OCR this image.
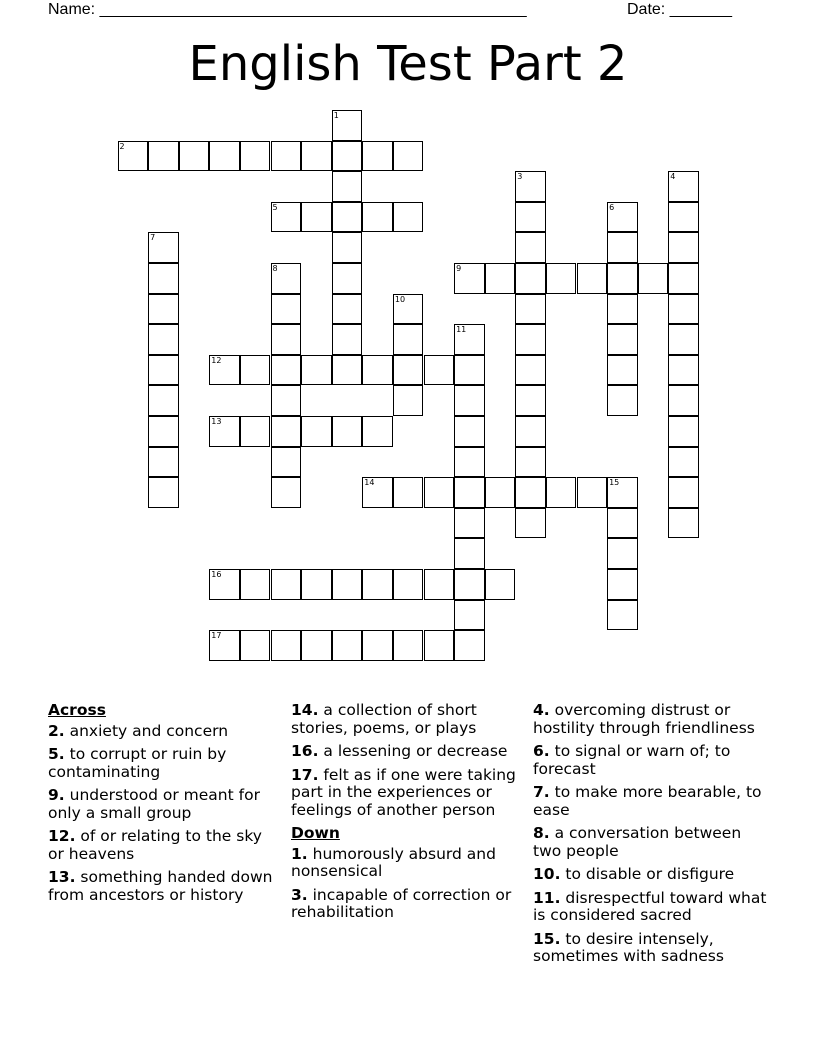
Name: ________________________________________________	Date: _______
English Test Part 2
1
2
3	4
5	6
7
8	9
10
11
12
13
14	15
16
17
Across
2. anxiety and concern
5. to corrupt or ruin by contaminating
9. understood or meant for only a small group
12. of or relating to the sky or heavens
13. something handed down from ancestors or history
14. a collection of short stories, poems, or plays
16. a lessening or decrease
17. felt as if one were taking part in the experiences or feelings of another person
Down
1. humorously absurd and nonsensical
3. incapable of correction or rehabilitation
4. overcoming distrust or hostility through friendliness
6. to signal or warn of; to forecast
7. to make more bearable, to ease
8. a conversation between two people
10. to disable or disfigure
11. disrespectful toward what is considered sacred
15. to desire intensely, sometimes with sadness
